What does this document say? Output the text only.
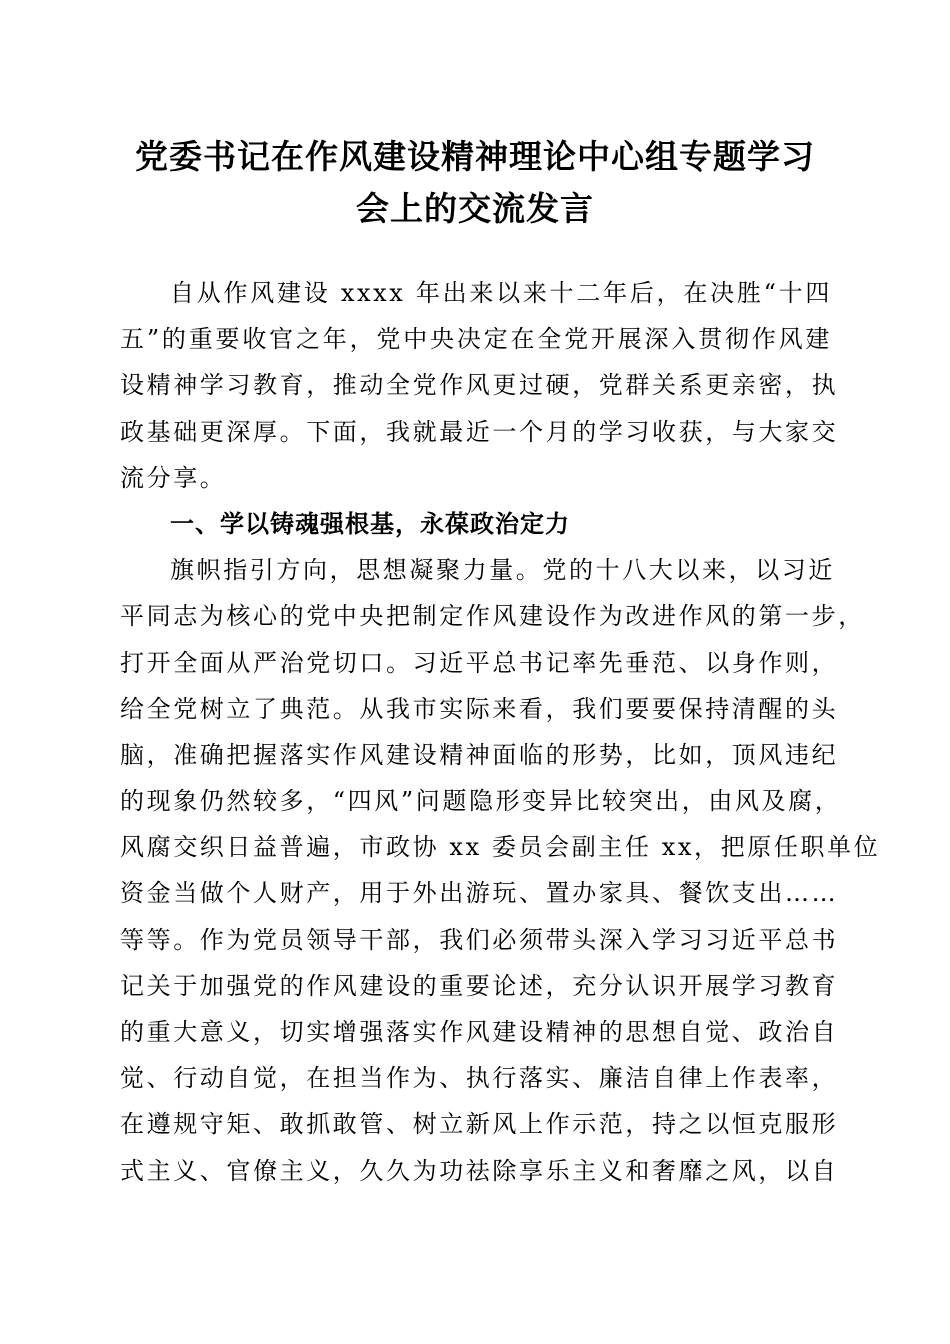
党委书记在作风建设精神理论中心组专题学习
会上的交流发言
自从作风建设 xxxx 年出来以来十二年后，在决胜“十四
五”的重要收官之年，党中央决定在全党开展深入贯彻作风建
设精神学习教育，推动全党作风更过硬，党群关系更亲密，执
政基础更深厚。下面，我就最近一个月的学习收获，与大家交
流分享。
一、学以铸魂强根基，永葆政治定力
旗帜指引方向，思想凝聚力量。党的十八大以来，以习近
平同志为核心的党中央把制定作风建设作为改进作风的第一步，
打开全面从严治党切口。习近平总书记率先垂范、以身作则，
给全党树立了典范。从我市实际来看，我们要要保持清醒的头
脑，准确把握落实作风建设精神面临的形势，比如，顶风违纪
的现象仍然较多，“四风”问题隐形变异比较突出，由风及腐，
风腐交织日益普遍，市政协 xx 委员会副主任 xx，把原任职单位
资金当做个人财产，用于外出游玩、置办家具、餐饮支出……
等等。作为党员领导干部，我们必须带头深入学习习近平总书
记关于加强党的作风建设的重要论述，充分认识开展学习教育
的重大意义，切实增强落实作风建设精神的思想自觉、政治自
觉、行动自觉，在担当作为、执行落实、廉洁自律上作表率，
在遵规守矩、敢抓敢管、树立新风上作示范，持之以恒克服形
式主义、官僚主义，久久为功祛除享乐主义和奢靡之风，以自
